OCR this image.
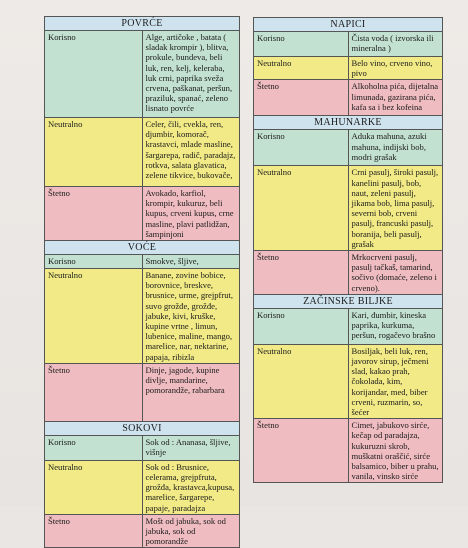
POVRĆE	
Korisno	Alge, artičoke , batata ( sladak krompir ), blitva, prokule, bundeva, beli luk, ren, kelj, keleraba, luk crni, paprika sveža crvena, paškanat, peršun, praziluk, spanać, zeleno lisnato povrće
Neutralno	Celer, čili, cvekla, ren, djumbir, komorač, krastavci, mlade masline, šargarepa, radič, paradajz, rotkva, salata glavatica, zelene tikvice, bukovače,
Štetno	Avokado, karfiol, krompir, kukuruz, beli kupus, crveni kupus, crne masline, plavi patlidžan, šampinjoni
VOĆE	
Korisno	Smokve, šljive,
Neutralno	Banane, zovine bobice, borovnice, breskve, brusnice, urme, grejpfrut, suvo grožđe, grožđe, jabuke, kivi, kruške, kupine vrtne , limun, lubenice, maline, mango, marelice, nar, nektarine, papaja, ribizla
Štetno	Dinje, jagode, kupine divlje, mandarine, pomorandže, rabarbara
SOKOVI	
Korisno	Sok od : Ananasa, šljive, višnje
Neutralno	Sok od : Brusnice, celerama, grejpfruta, grožđa, krastavca,kupusa, marelice, šargarepe, papaje, paradajza
Štetno	Mošt od jabuka, sok od jabuka, sok od pomorandže
NAPICI	
Korisno	Čista voda ( izvorska ili mineralna )
Neutralno	Belo vino, crveno vino, pivo
Štetno	Alkoholna pića, dijetalna limunada, gazirana pića, kafa sa i bez kofeina
MAHUNARKE	
Korisno	Aduka mahuna, azuki mahuna, indijski bob, modri grašak
Neutralno	Crni pasulj, široki pasulj, kanelini pasulj, bob, naut, zeleni pasulj, jikama bob, lima pasulj, severni bob, crveni pasulj, francuski pasulj, boranija, beli pasulj, grašak
Štetno	Mrkocrveni pasulj, pasulj tačkaš, tamarind, sočivo (domaće, zeleno i crveno).
ZAČINSKE BILJKE	
Korisno	Kari, đumbir, kineska paprika, kurkuma, peršun, rogačevo brašno
Neutralno	Bosiljak, beli luk, ren, javorov sirup, ječmeni slad, kakao prah, čokolada, kim, korijandar, med, biber crveni, ruzmarin, so, šećer
Štetno	Cimet, jabukovo sirće, kečap od paradajza, kukuruzni skrob, muškatni oraščić, sirće balsamico, biber u prahu, vanila, vinsko sirće
